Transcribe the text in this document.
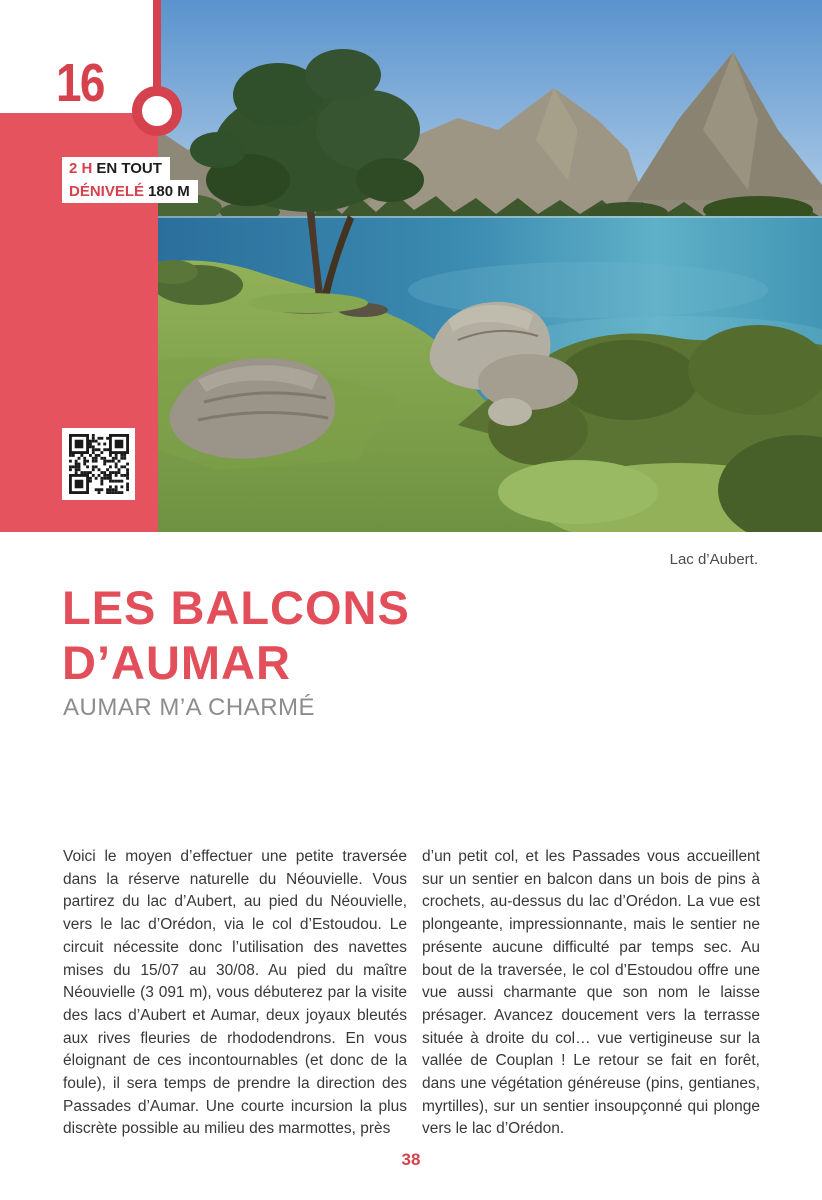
16
2 H EN TOUT
DÉNIVELÉ 180 M
Lac d’Aubert.
LES BALCONS
D’AUMAR
AUMAR M’A CHARMÉ

Voici le moyen d’effectuer une petite traversée dans la réserve naturelle du Néouvielle. Vous partirez du lac d’Aubert, au pied du Néouvielle, vers le lac d’Orédon, via le col d’Estoudou. Le circuit nécessite donc l’utilisation des navettes mises du 15/07 au 30/08. Au pied du maître Néouvielle (3 091 m), vous débuterez par la visite des lacs d’Aubert et Aumar, deux joyaux bleutés aux rives fleuries de rhododendrons. En vous éloignant de ces incontournables (et donc de la foule), il sera temps de prendre la direction des Passades d’Aumar. Une courte incursion la plus discrète possible au milieu des marmottes, près

d’un petit col, et les Passades vous accueillent sur un sentier en balcon dans un bois de pins à crochets, au-dessus du lac d’Orédon. La vue est plongeante, impressionnante, mais le sentier ne présente aucune difficulté par temps sec. Au bout de la traversée, le col d’Estoudou offre une vue aussi charmante que son nom le laisse présager. Avancez doucement vers la terrasse située à droite du col… vue vertigineuse sur la vallée de Couplan ! Le retour se fait en forêt, dans une végétation généreuse (pins, gentianes, myrtilles), sur un sentier insoupçonné qui plonge vers le lac d’Orédon.

38
